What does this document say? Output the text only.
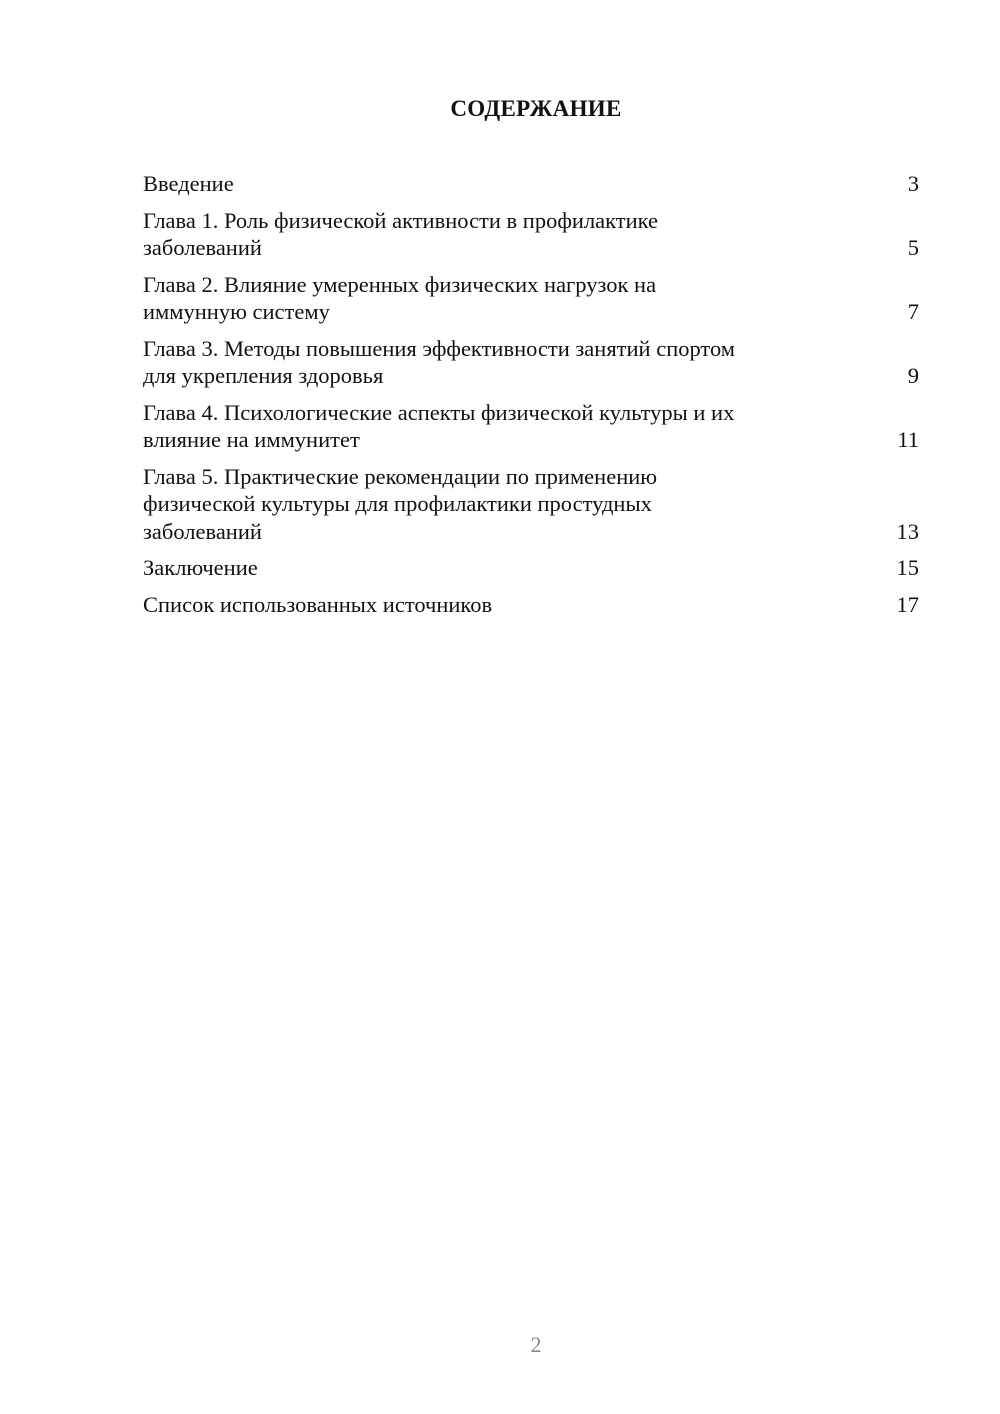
СОДЕРЖАНИЕ
Введение	3
Глава 1. Роль физической активности в профилактике
заболеваний	5
Глава 2. Влияние умеренных физических нагрузок на
иммунную систему	7
Глава 3. Методы повышения эффективности занятий спортом
для укрепления здоровья	9
Глава 4. Психологические аспекты физической культуры и их
влияние на иммунитет	11
Глава 5. Практические рекомендации по применению
физической культуры для профилактики простудных
заболеваний	13
Заключение	15
Список использованных источников	17
2
